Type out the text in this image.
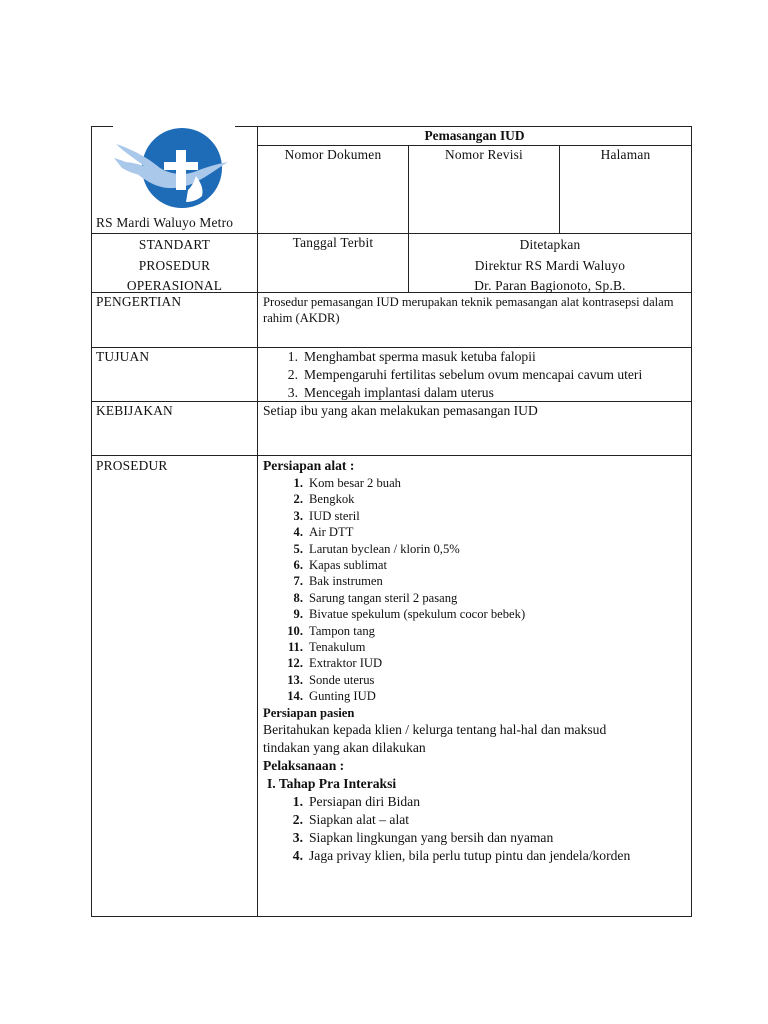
RS Mardi Waluyo Metro
Pemasangan IUD
Nomor Dokumen	Nomor Revisi	Halaman
STANDART
PROSEDUR
OPERASIONAL
Tanggal Terbit	Ditetapkan
Direktur RS Mardi Waluyo
Dr. Paran Bagionoto, Sp.B.
PENGERTIAN	Prosedur pemasangan IUD merupakan teknik pemasangan alat kontrasepsi dalam rahim (AKDR)
TUJUAN	1. Menghambat sperma masuk ketuba falopii
2. Mempengaruhi fertilitas sebelum ovum mencapai cavum uteri
3. Mencegah implantasi dalam uterus
KEBIJAKAN	Setiap ibu yang akan melakukan pemasangan IUD
PROSEDUR	Persiapan alat :
1. Kom besar 2 buah
2. Bengkok
3. IUD steril
4. Air DTT
5. Larutan byclean / klorin 0,5%
6. Kapas sublimat
7. Bak instrumen
8. Sarung tangan steril 2 pasang
9. Bivatue spekulum (spekulum cocor bebek)
10. Tampon tang
11. Tenakulum
12. Extraktor IUD
13. Sonde uterus
14. Gunting IUD
Persiapan pasien
Beritahukan kepada klien / kelurga tentang hal-hal dan maksud
tindakan yang akan dilakukan
Pelaksanaan :
I. Tahap Pra Interaksi
1. Persiapan diri Bidan
2. Siapkan alat – alat
3. Siapkan lingkungan yang bersih dan nyaman
4. Jaga privay klien, bila perlu tutup pintu dan jendela/korden
